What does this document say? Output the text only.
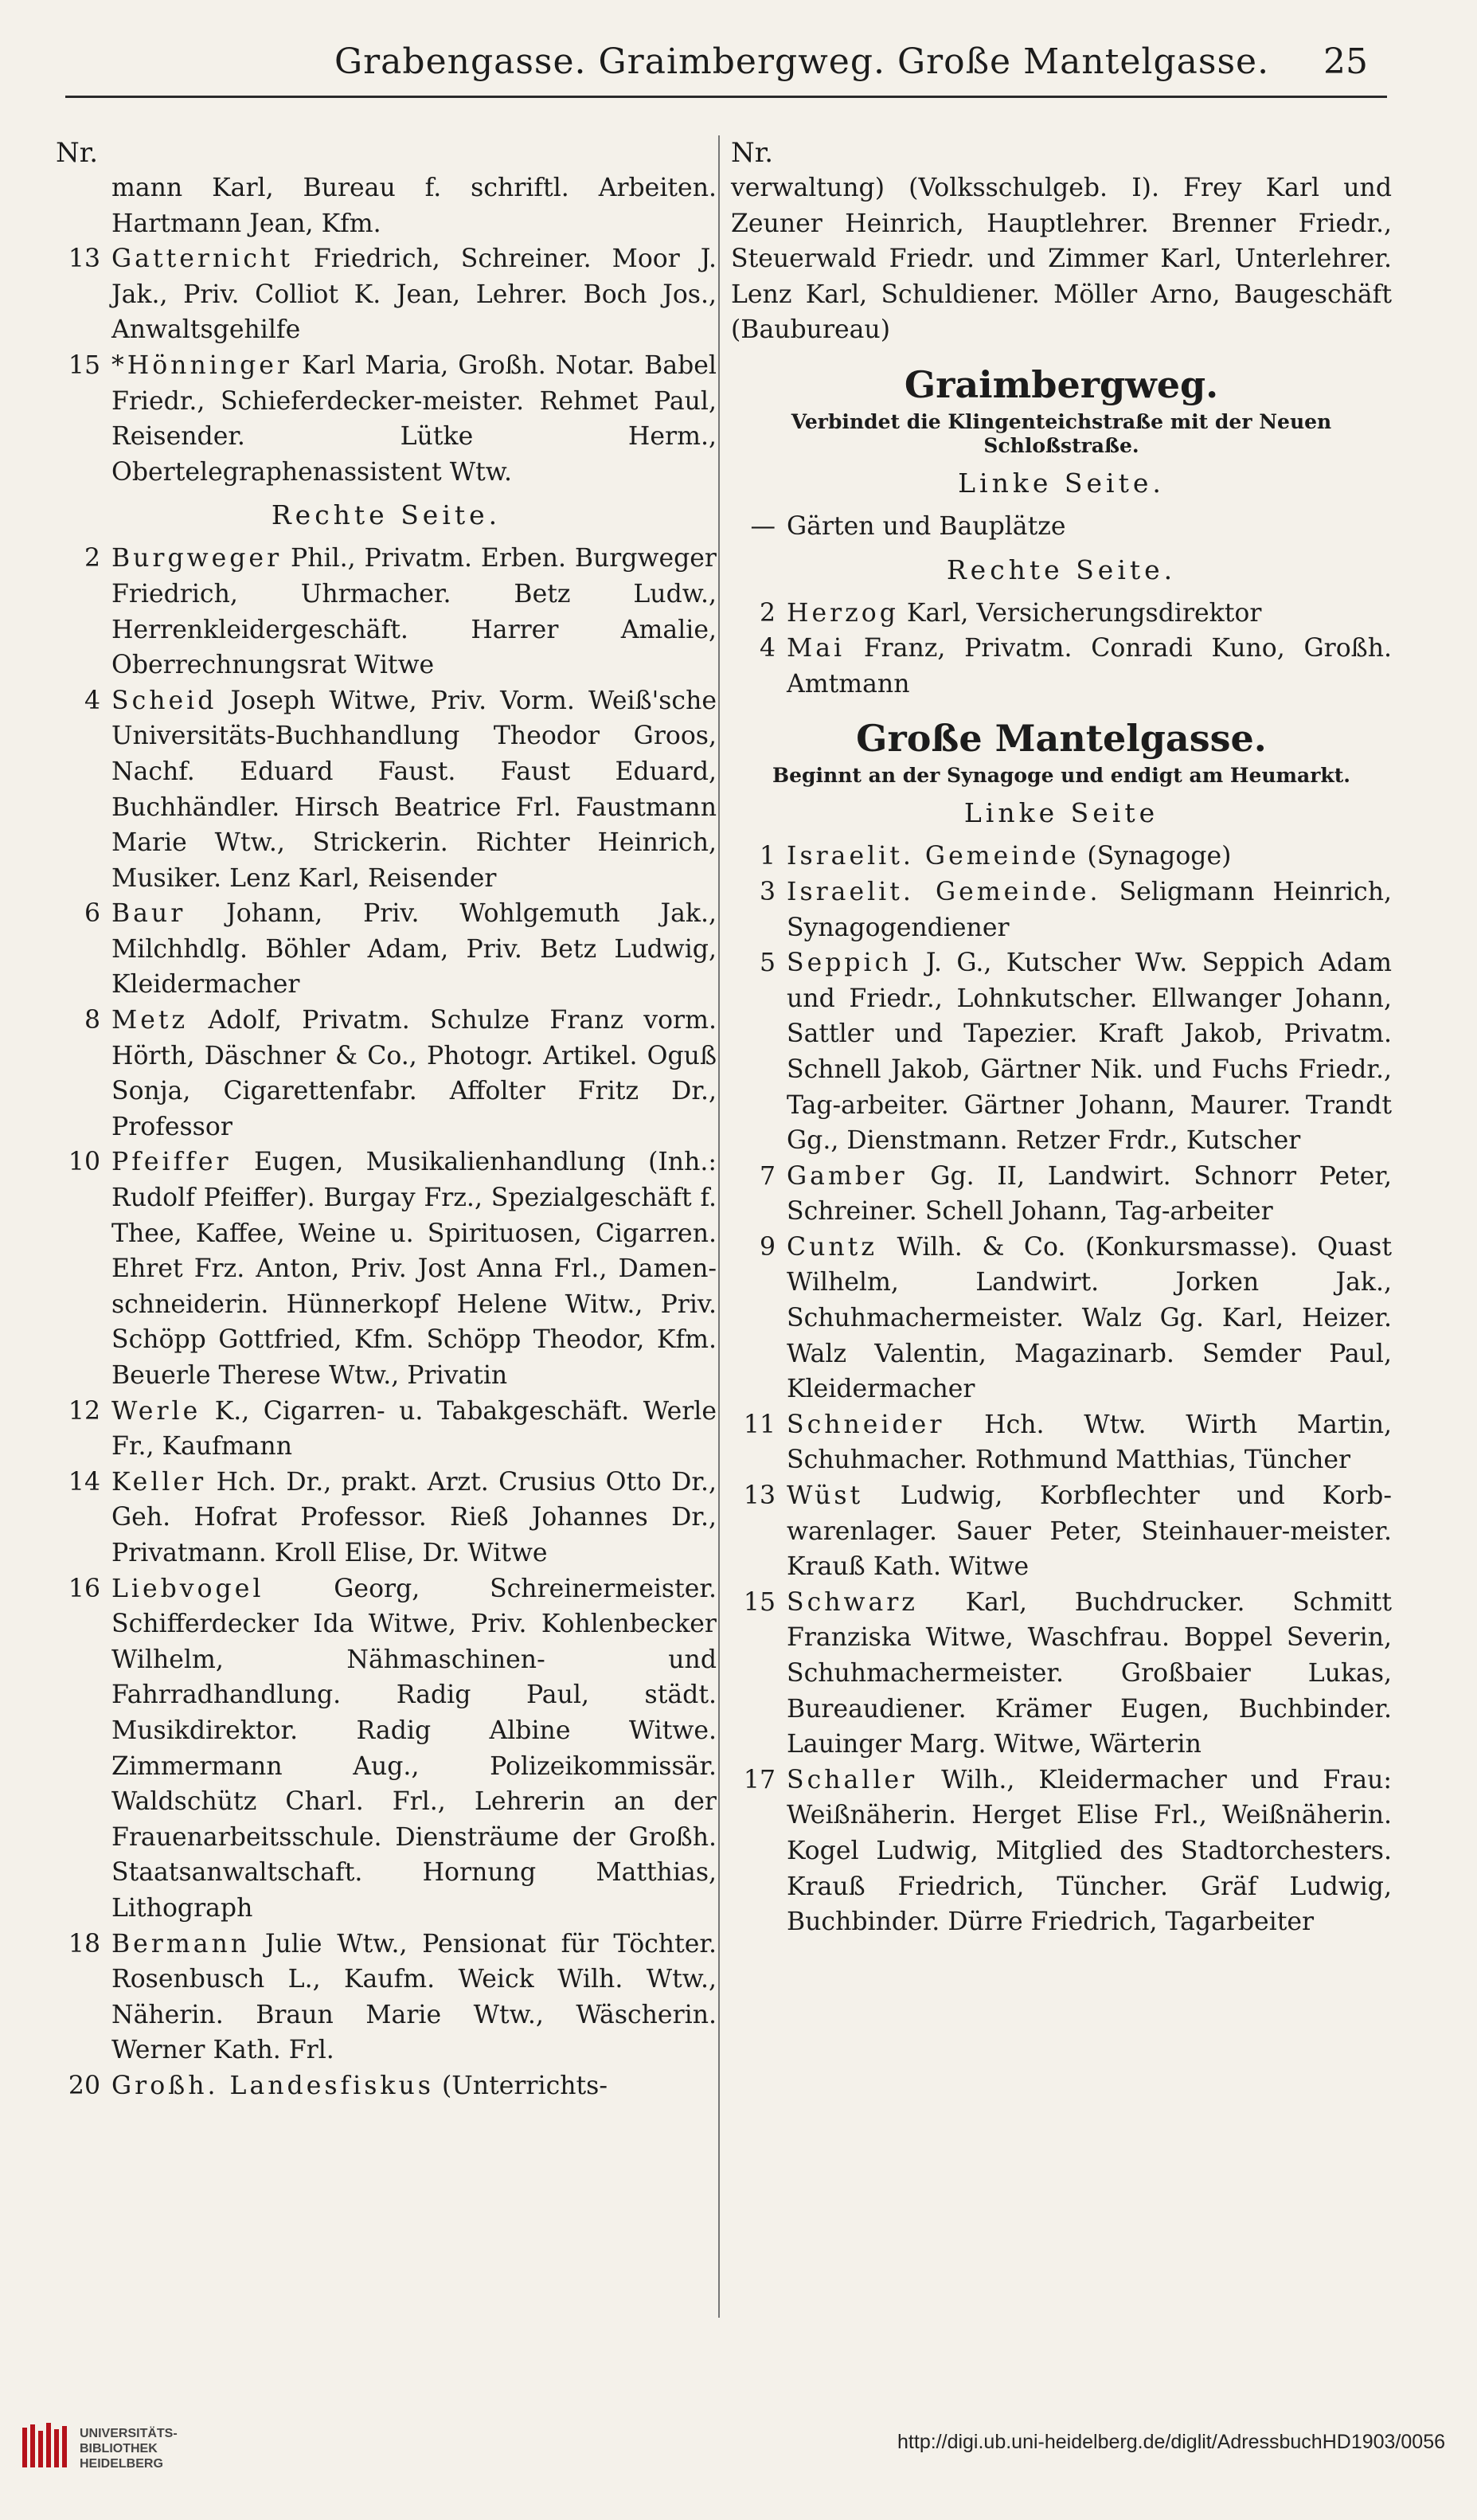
Grabengasse. Graimbergweg. Große Mantelgasse. 25
Nr.
mann Karl, Bureau f. schriftl. Arbeiten. Hartmann Jean, Kfm.
13 Gatternicht Friedrich, Schreiner. Moor J. Jak., Priv. Colliot K. Jean, Lehrer. Boch Jos., Anwaltsgehilfe
15 *Hönninger Karl Maria, Großh. Notar. Babel Friedr., Schieferdecker-meister. Rehmet Paul, Reisender. Lütke Herm., Obertelegraphenassistent Wtw.
Rechte Seite.
2 Burgweger Phil., Privatm. Erben. Burgweger Friedrich, Uhrmacher. Betz Ludw., Herrenkleidergeschäft. Harrer Amalie, Oberrechnungsrat Witwe
4 Scheid Joseph Witwe, Priv. Vorm. Weiß'sche Universitäts-Buchhandlung Theodor Groos, Nachf. Eduard Faust. Faust Eduard, Buchhändler. Hirsch Beatrice Frl. Faustmann Marie Wtw., Strickerin. Richter Heinrich, Musiker. Lenz Karl, Reisender
6 Baur Johann, Priv. Wohlgemuth Jak., Milchhdlg. Böhler Adam, Priv. Betz Ludwig, Kleidermacher
8 Metz Adolf, Privatm. Schulze Franz vorm. Hörth, Däschner & Co., Photogr. Artikel. Oguß Sonja, Cigarettenfabr. Affolter Fritz Dr., Professor
10 Pfeiffer Eugen, Musikalienhandlung (Inh.: Rudolf Pfeiffer). Burgay Frz., Spezialgeschäft f. Thee, Kaffee, Weine u. Spirituosen, Cigarren. Ehret Frz. Anton, Priv. Jost Anna Frl., Damen-schneiderin. Hünnerkopf Helene Witw., Priv. Schöpp Gottfried, Kfm. Schöpp Theodor, Kfm. Beuerle Therese Wtw., Privatin
12 Werle K., Cigarren- u. Tabakgeschäft. Werle Fr., Kaufmann
14 Keller Hch. Dr., prakt. Arzt. Crusius Otto Dr., Geh. Hofrat Professor. Rieß Johannes Dr., Privatmann. Kroll Elise, Dr. Witwe
16 Liebvogel	Georg, Schreinermeister. Schifferdecker Ida Witwe, Priv. Kohlenbecker Wilhelm, Nähmaschinen- und Fahrradhandlung. Radig Paul, städt. Musikdirektor. Radig Albine Witwe. Zimmermann Aug., Polizeikommissär. Waldschütz Charl. Frl., Lehrerin an der Frauenarbeitsschule. Diensträume der Großh. Staatsanwaltschaft. Hornung Matthias, Lithograph
18 Bermann Julie Wtw., Pensionat für Töchter. Rosenbusch L., Kaufm. Weick Wilh. Wtw., Näherin. Braun Marie Wtw., Wäscherin. Werner Kath. Frl.
20 Großh. Landesfiskus (Unterrichts-
Nr.
verwaltung) (Volksschulgeb. I). Frey Karl und Zeuner Heinrich, Hauptlehrer. Brenner Friedr., Steuerwald Friedr. und Zimmer Karl, Unterlehrer. Lenz Karl, Schuldiener. Möller Arno, Baugeschäft (Baubureau)
Graimbergweg.
Verbindet die Klingenteichstraße mit der Neuen Schloßstraße.
Linke Seite.
— Gärten und Bauplätze
Rechte Seite.
2 Herzog Karl, Versicherungsdirektor
4 Mai Franz, Privatm. Conradi Kuno, Großh. Amtmann
Große Mantelgasse.
Beginnt an der Synagoge und endigt am Heumarkt.
Linke Seite
1 Israelit. Gemeinde (Synagoge)
3 Israelit. Gemeinde. Seligmann Heinrich, Synagogendiener
5 Seppich J. G., Kutscher Ww. Seppich Adam und Friedr., Lohnkutscher. Ellwanger Johann, Sattler und Tapezier. Kraft Jakob, Privatm. Schnell Jakob, Gärtner Nik. und Fuchs Friedr., Tag-arbeiter. Gärtner Johann, Maurer. Trandt Gg., Dienstmann. Retzer Frdr., Kutscher
7 Gamber Gg. II, Landwirt. Schnorr Peter, Schreiner. Schell Johann, Tag-arbeiter
9 Cuntz Wilh. & Co. (Konkursmasse). Quast Wilhelm, Landwirt. Jorken Jak., Schuhmachermeister. Walz Gg. Karl, Heizer. Walz Valentin, Magazinarb. Semder Paul, Kleidermacher
11 Schneider Hch. Wtw. Wirth Martin, Schuhmacher. Rothmund Matthias, Tüncher
13 Wüst Ludwig, Korbflechter und Korb-warenlager. Sauer Peter, Steinhauer-meister. Krauß Kath. Witwe
15 Schwarz Karl, Buchdrucker. Schmitt Franziska Witwe, Waschfrau. Boppel Severin, Schuhmachermeister. Großbaier Lukas, Bureaudiener. Krämer Eugen, Buchbinder. Lauinger Marg. Witwe, Wärterin
17 Schaller Wilh., Kleidermacher und Frau: Weißnäherin. Herget Elise Frl., Weißnäherin. Kogel Ludwig, Mitglied des Stadtorchesters. Krauß Friedrich, Tüncher. Gräf Ludwig, Buchbinder. Dürre Friedrich, Tagarbeiter
UNIVERSITÄTS-
BIBLIOTHEK
HEIDELBERG
http://digi.ub.uni-heidelberg.de/diglit/AdressbuchHD1903/0056
